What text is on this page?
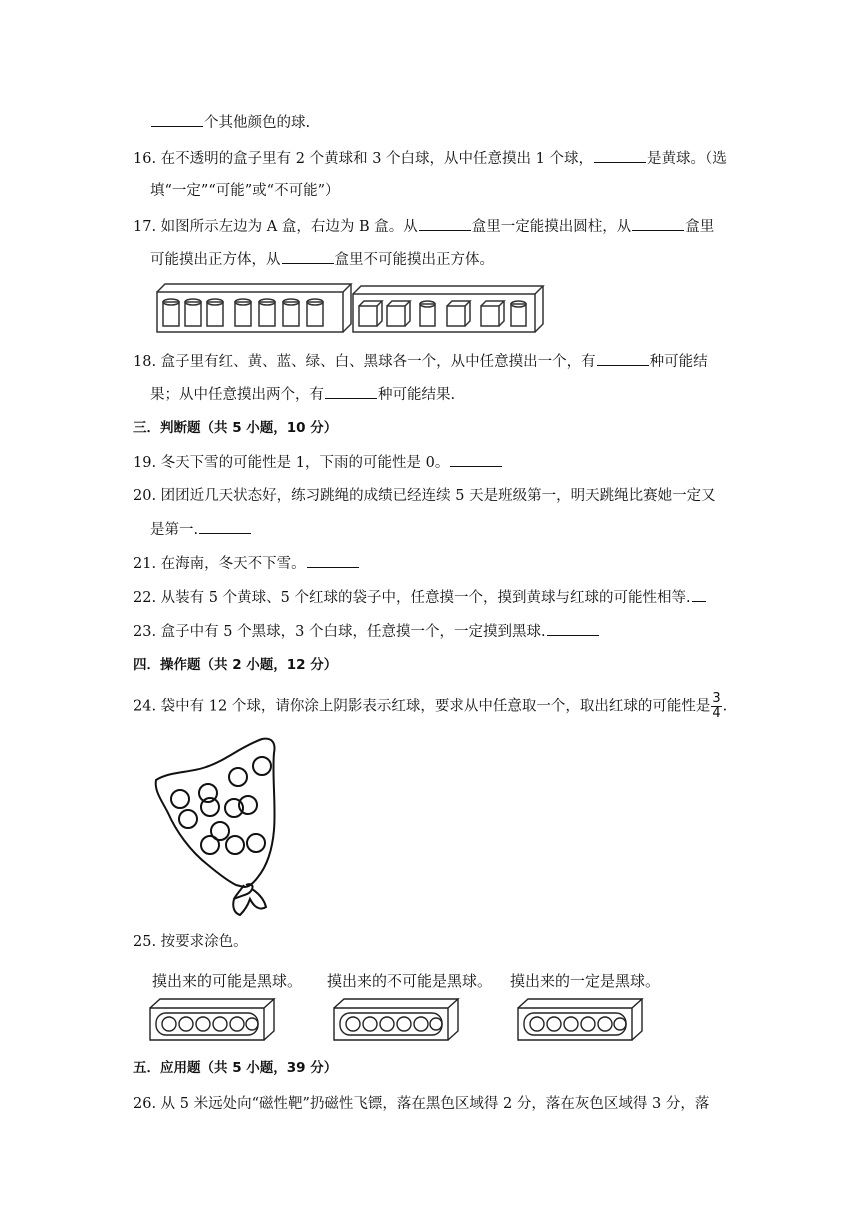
个其他颜色的球.
16. 在不透明的盒子里有 2 个黄球和 3 个白球，从中任意摸出 1 个球，	是黄球。（选
填“一定”“可能”或“不可能”）
17. 如图所示左边为 A 盒，右边为 B 盒。从	盒里一定能摸出圆柱，从	盒里
可能摸出正方体，从	盒里不可能摸出正方体。
18. 盒子里有红、黄、蓝、绿、白、黑球各一个，从中任意摸出一个，有	种可能结
果；从中任意摸出两个，有	种可能结果.
三．判断题（共 5 小题，10 分）
19. 冬天下雪的可能性是 1，下雨的可能性是 0。
20. 团团近几天状态好，练习跳绳的成绩已经连续 5 天是班级第一，明天跳绳比赛她一定又
是第一.
21. 在海南，冬天不下雪。
22. 从装有 5 个黄球、5 个红球的袋子中，任意摸一个，摸到黄球与红球的可能性相等.
23. 盒子中有 5 个黑球，3 个白球，任意摸一个，一定摸到黑球.
四．操作题（共 2 小题，12 分）
24. 袋中有 12 个球，请你涂上阴影表示红球，要求从中任意取一个，取出红球的可能性是 $\frac{3}{4}$ .
25. 按要求涂色。
摸出来的可能是黑球。 摸出来的不可能是黑球。 摸出来的一定是黑球。
五．应用题（共 5 小题，39 分）
26. 从 5 米远处向“磁性靶”扔磁性飞镖，落在黑色区域得 2 分，落在灰色区域得 3 分，落
